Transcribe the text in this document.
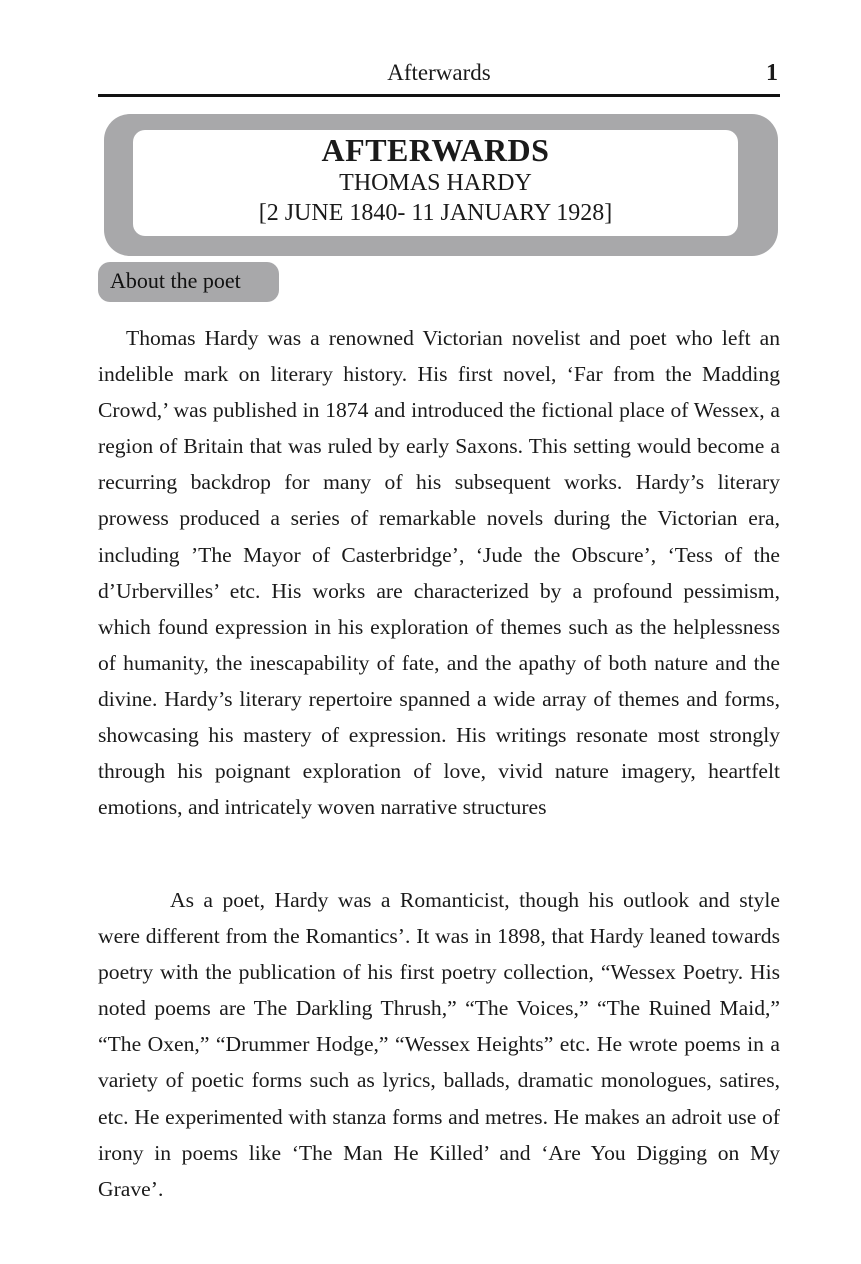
Afterwards	1
AFTERWARDS
THOMAS HARDY
[2 JUNE 1840- 11 JANUARY 1928]
About the poet

Thomas Hardy was a renowned Victorian novelist and poet who left an indelible mark on literary history. His first novel, ‘Far from the Madding Crowd,’ was published in 1874 and introduced the fictional place of Wessex, a region of Britain that was ruled by early Saxons. This setting would become a recurring backdrop for many of his subsequent works. Hardy’s literary prowess produced a series of remarkable novels during the Victorian era, including ’The Mayor of Casterbridge’, ‘Jude the Obscure’, ‘Tess of the d’Urbervilles’ etc. His works are characterized by a profound pessimism, which found expression in his exploration of themes such as the helplessness of humanity, the inescapability of fate, and the apathy of both nature and the divine. Hardy’s literary repertoire spanned a wide array of themes and forms, showcasing his mastery of expression. His writings resonate most strongly through his poignant exploration of love, vivid nature imagery, heartfelt emotions, and intricately woven narrative structures

As a poet, Hardy was a Romanticist, though his outlook and style were different from the Romantics’. It was in 1898, that Hardy leaned towards poetry with the publication of his first poetry collection, “Wessex Poetry. His noted poems are The Darkling Thrush,” “The Voices,” “The Ruined Maid,” “The Oxen,” “Drummer Hodge,” “Wessex Heights” etc. He wrote poems in a variety of poetic forms such as lyrics, ballads, dramatic monologues, satires, etc. He experimented with stanza forms and metres. He makes an adroit use of irony in poems like ‘The Man He Killed’ and ‘Are You Digging on My Grave’.
